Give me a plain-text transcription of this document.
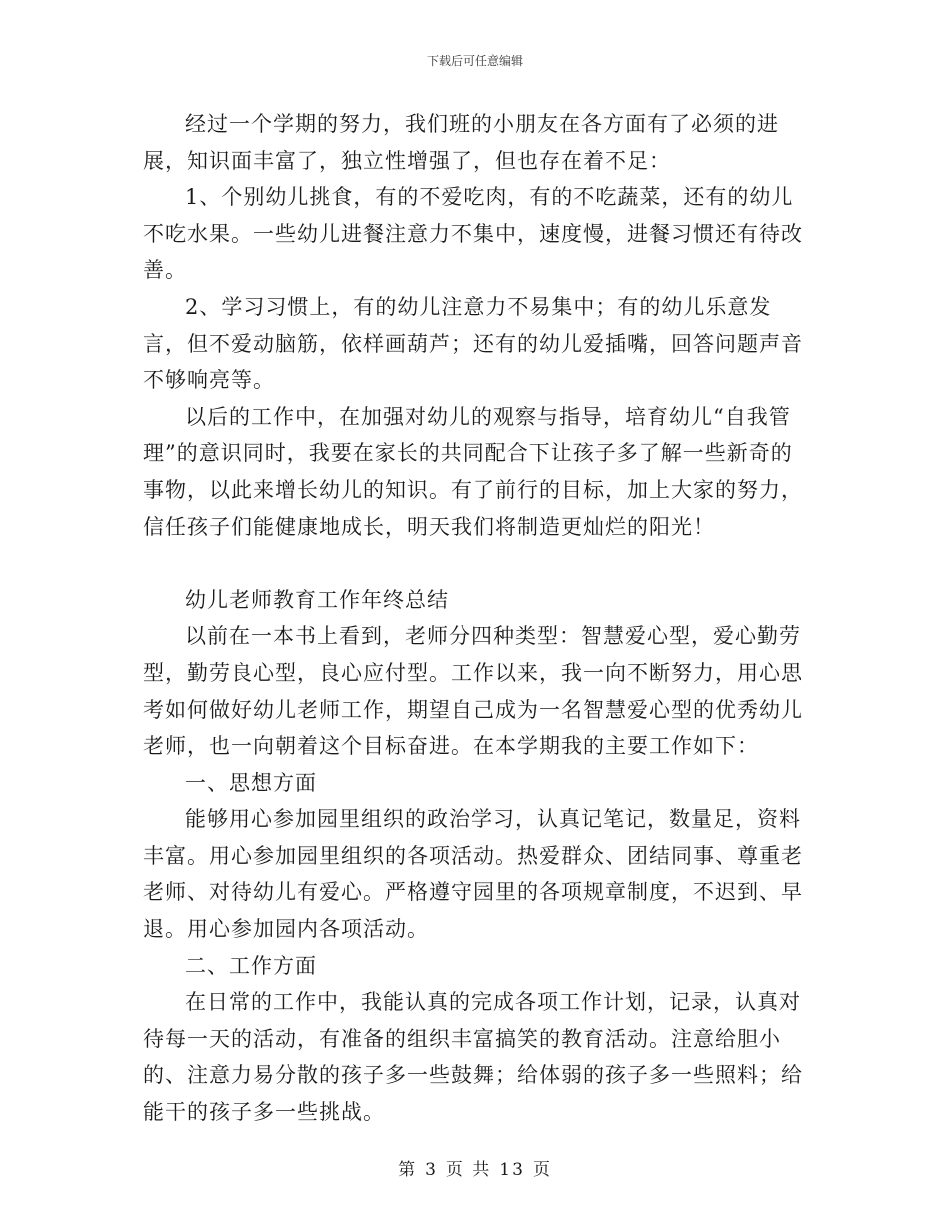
下载后可任意编辑

经过一个学期的努力，我们班的小朋友在各方面有了必须的进展，知识面丰富了，独立性增强了，但也存在着不足：

1、个别幼儿挑食，有的不爱吃肉，有的不吃蔬菜，还有的幼儿不吃水果。一些幼儿进餐注意力不集中，速度慢，进餐习惯还有待改善。

2、学习习惯上，有的幼儿注意力不易集中；有的幼儿乐意发言，但不爱动脑筋，依样画葫芦；还有的幼儿爱插嘴，回答问题声音不够响亮等。

以后的工作中，在加强对幼儿的观察与指导，培育幼儿“自我管理”的意识同时，我要在家长的共同配合下让孩子多了解一些新奇的事物，以此来增长幼儿的知识。有了前行的目标，加上大家的努力，信任孩子们能健康地成长，明天我们将制造更灿烂的阳光！

幼儿老师教育工作年终总结

以前在一本书上看到，老师分四种类型：智慧爱心型，爱心勤劳型，勤劳良心型，良心应付型。工作以来，我一向不断努力，用心思考如何做好幼儿老师工作，期望自己成为一名智慧爱心型的优秀幼儿老师，也一向朝着这个目标奋进。在本学期我的主要工作如下：

一、思想方面

能够用心参加园里组织的政治学习，认真记笔记，数量足，资料丰富。用心参加园里组织的各项活动。热爱群众、团结同事、尊重老老师、对待幼儿有爱心。严格遵守园里的各项规章制度，不迟到、早退。用心参加园内各项活动。

二、工作方面

在日常的工作中，我能认真的完成各项工作计划，记录，认真对待每一天的活动，有准备的组织丰富搞笑的教育活动。注意给胆小的、注意力易分散的孩子多一些鼓舞；给体弱的孩子多一些照料；给能干的孩子多一些挑战。

第 3 页 共 13 页
